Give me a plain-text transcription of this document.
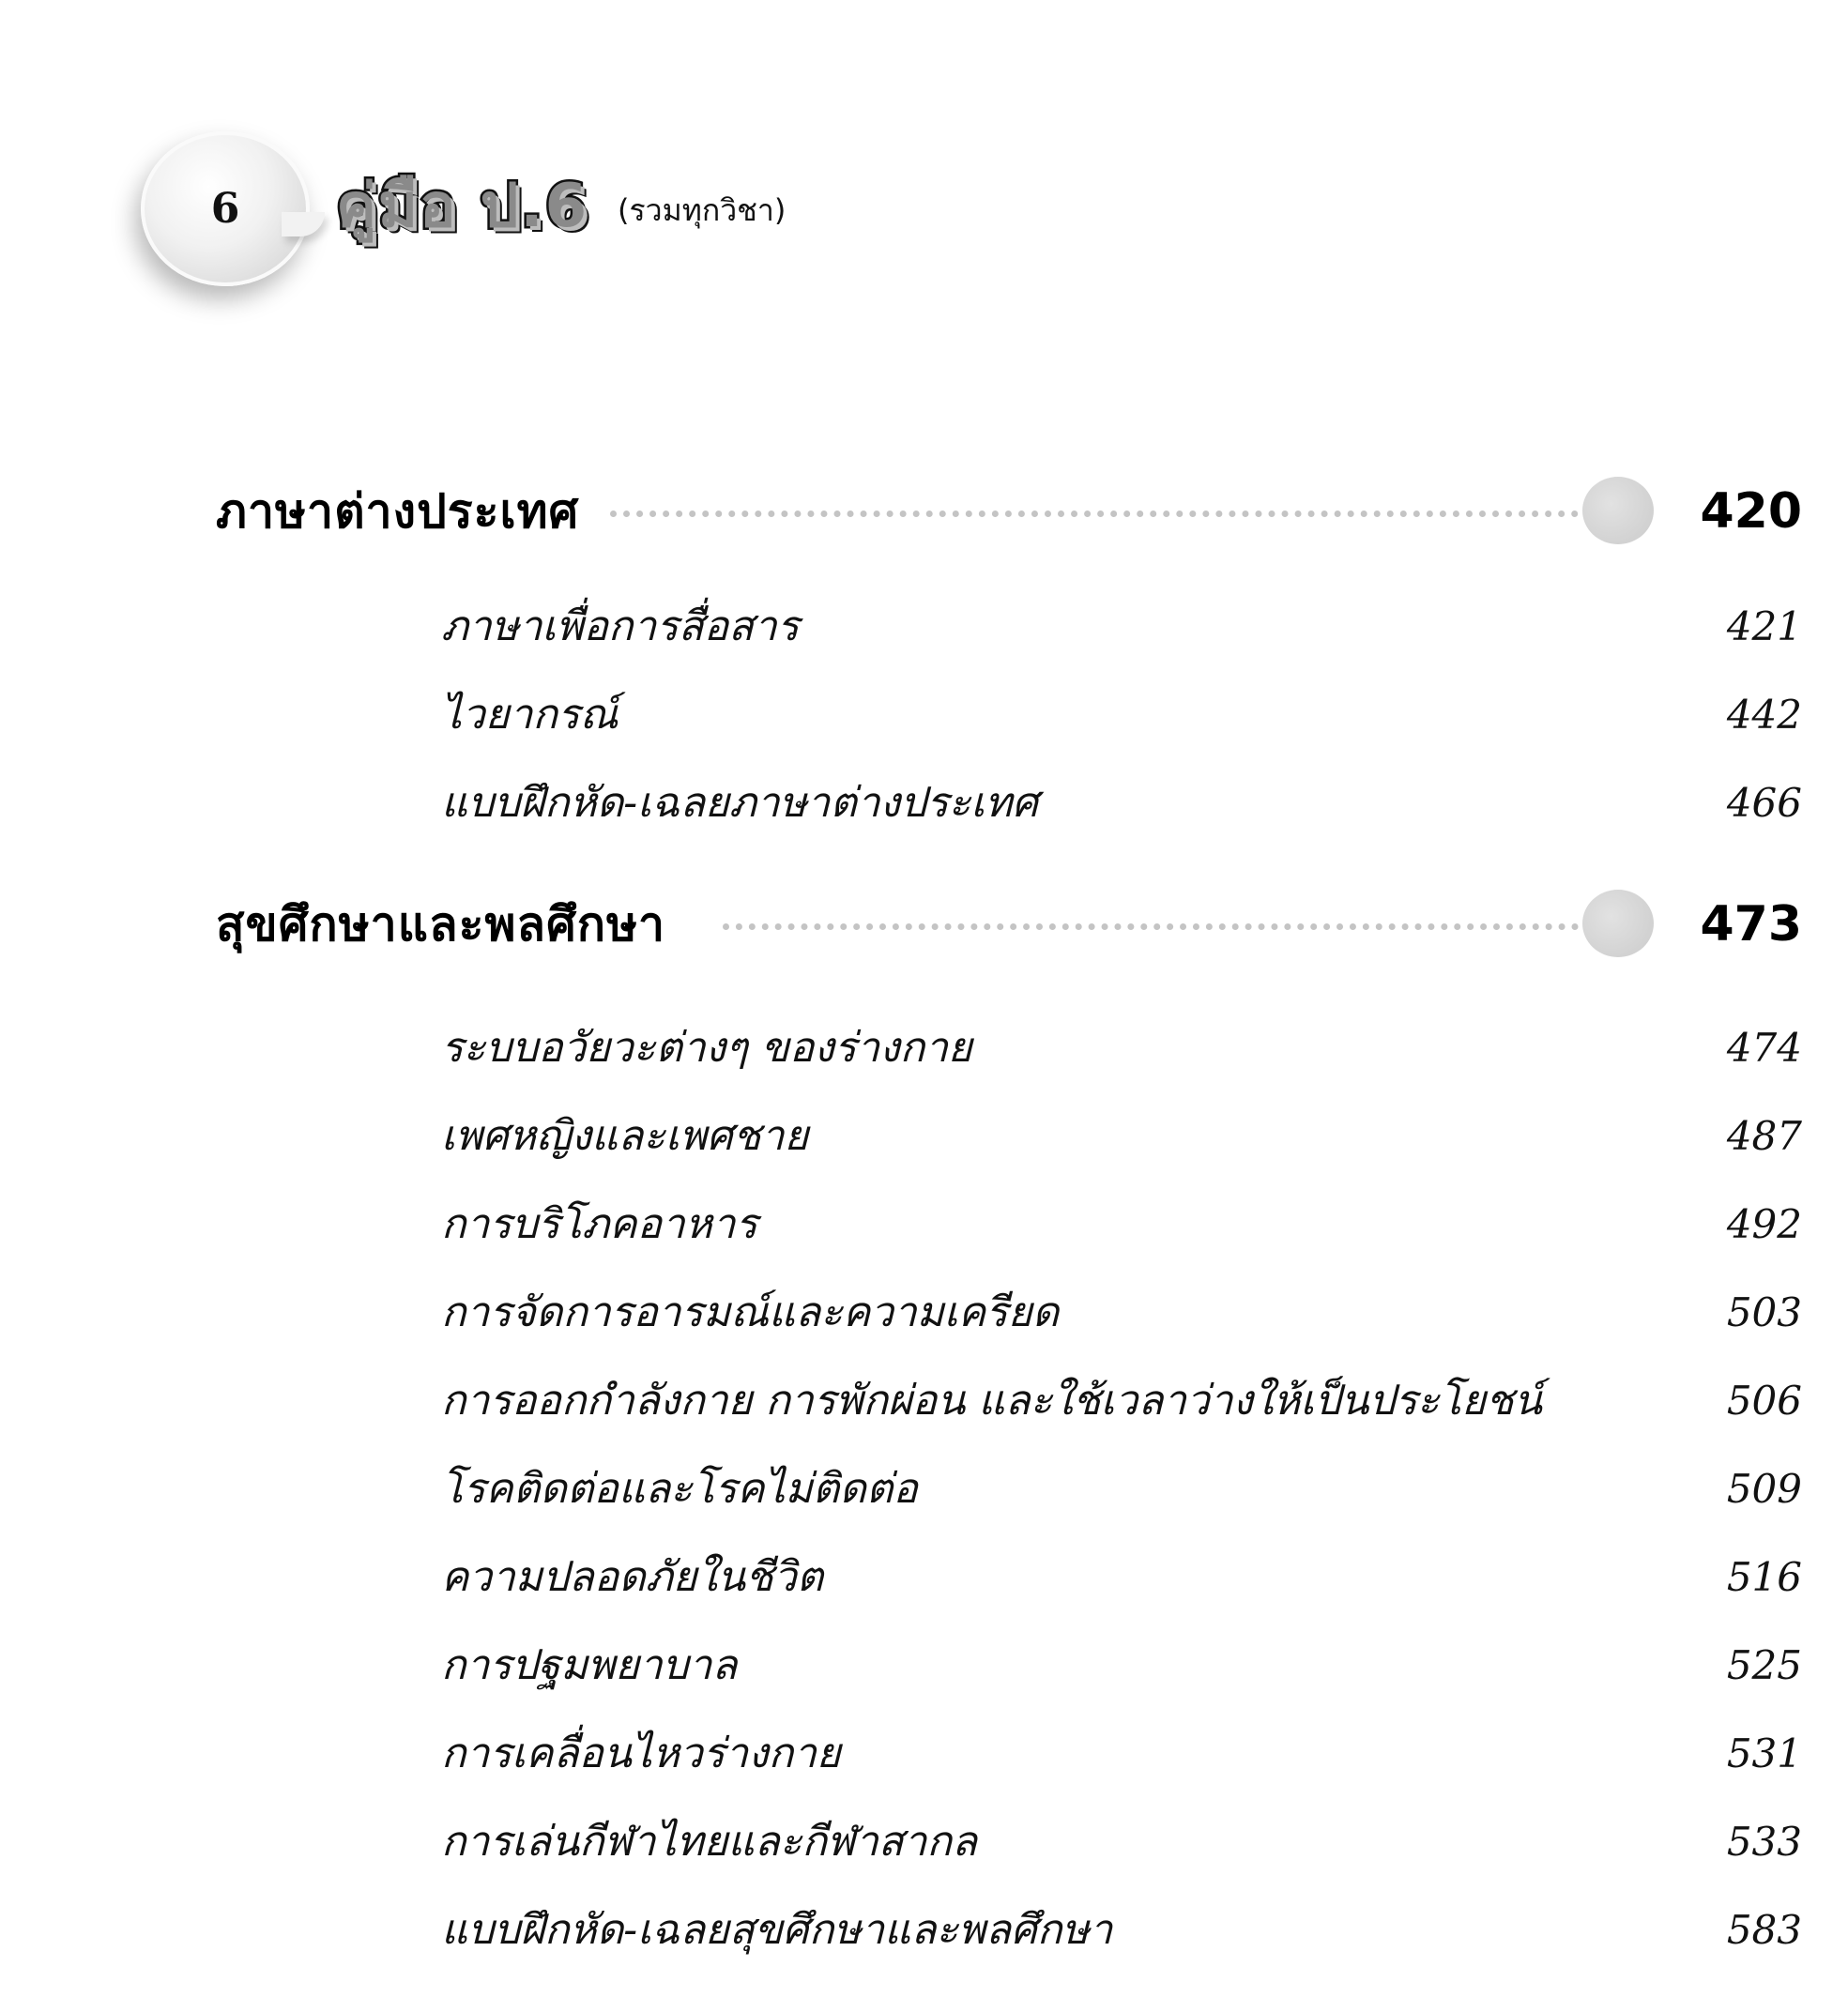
6	คู่มือ ป.6 (รวมทุกวิชา)
ภาษาต่างประเทศ	420
ภาษาเพื่อการสื่อสาร	421
ไวยากรณ์	442
แบบฝึกหัด-เฉลยภาษาต่างประเทศ	466
สุขศึกษาและพลศึกษา	473
ระบบอวัยวะต่างๆ ของร่างกาย	474
เพศหญิงและเพศชาย	487
การบริโภคอาหาร	492
การจัดการอารมณ์และความเครียด	503
การออกกำลังกาย การพักผ่อน และใช้เวลาว่างให้เป็นประโยชน์	506
โรคติดต่อและโรคไม่ติดต่อ	509
ความปลอดภัยในชีวิต	516
การปฐมพยาบาล	525
การเคลื่อนไหวร่างกาย	531
การเล่นกีฬาไทยและกีฬาสากล	533
แบบฝึกหัด-เฉลยสุขศึกษาและพลศึกษา	583
